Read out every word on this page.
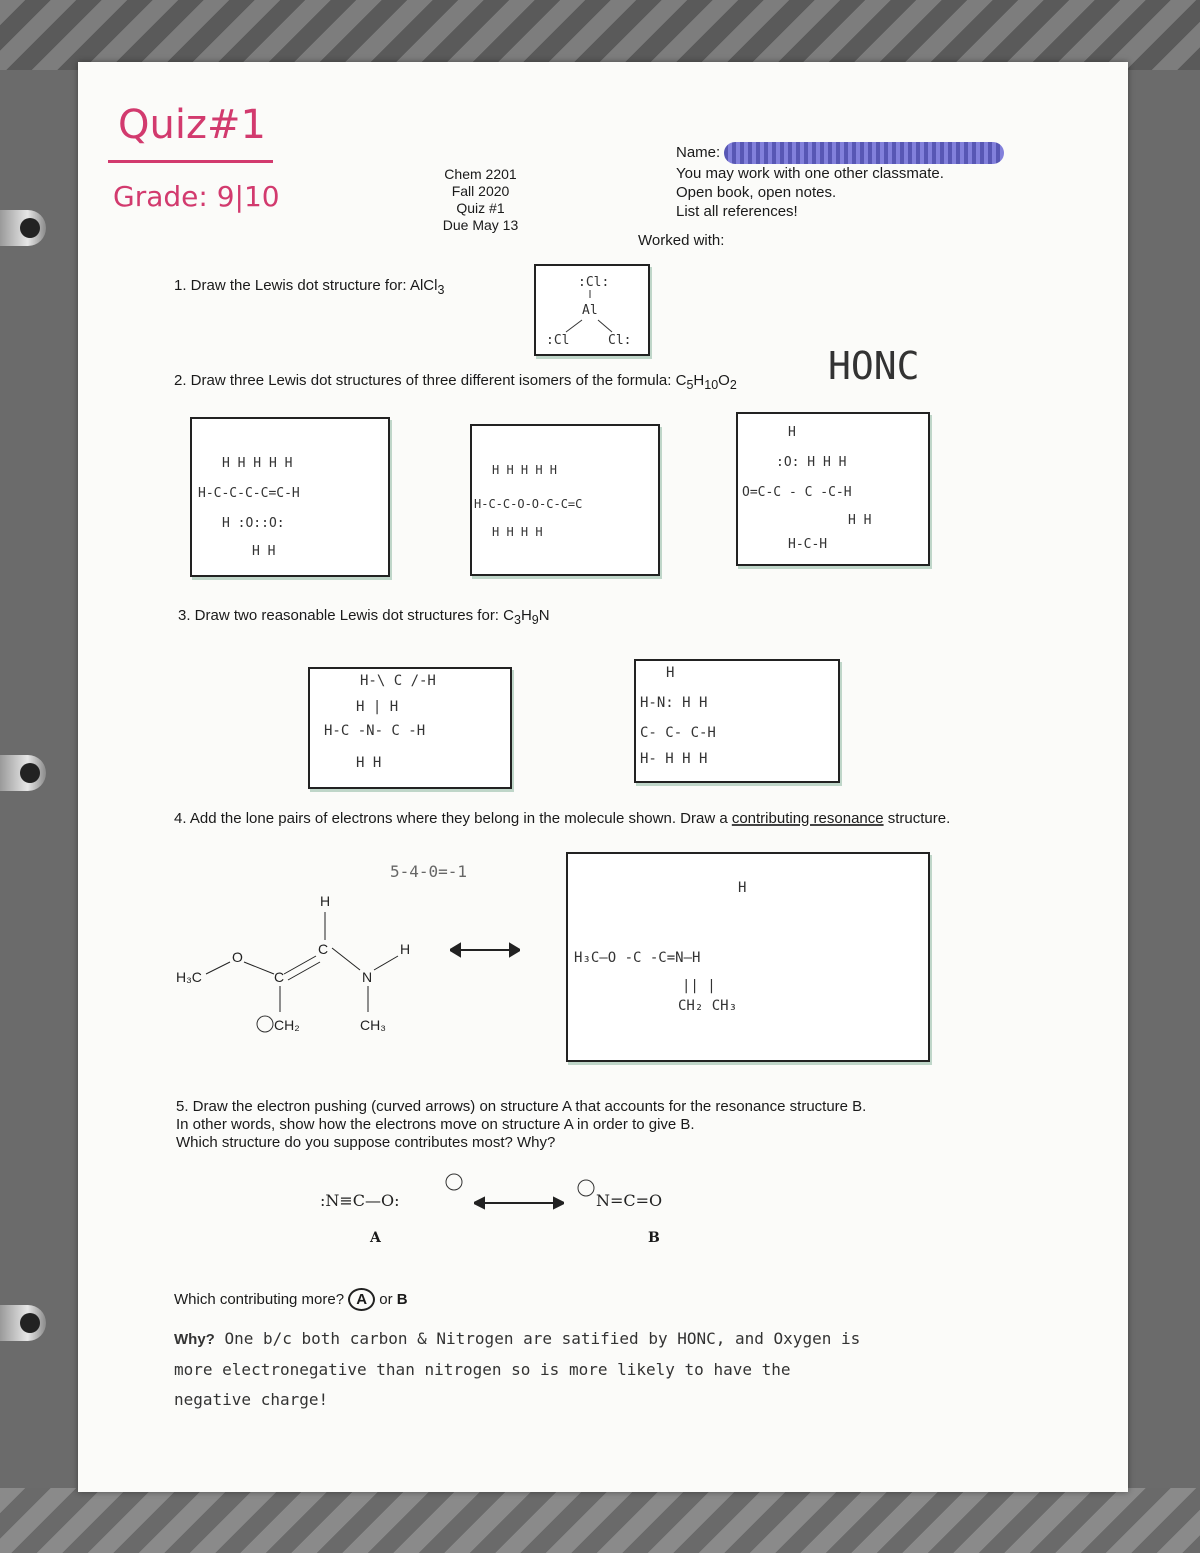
Quiz#1
Grade: 9|10
Chem 2201
Fall 2020
Quiz #1
Due May 13
Name:
You may work with one other classmate.
Open book, open notes.
List all references!
Worked with:
1. Draw the Lewis dot structure for: AlCl$_3$	:Cl:
Al
:Cl	Cl:
2. Draw three Lewis dot structures of three different isomers of the formula: $C_5H_{10}O_2$ HONC
H H H H H
H-C-C-C-C=C-H
H :O::O:
H H
H H H H H
H-C-C-O-O-C-C=C
H H H H
H
:O: H H H
O=C-C - C -C-H
H H
H-C-H
3. Draw two reasonable Lewis dot structures for: $C_3H_9N$
H-\ C /-H
H | H
H-C -N- C -H
H H
H
H-N: H H
C- C- C-H
H- H H H
4. Add the lone pairs of electrons where they belong in the molecule shown. Draw a contributing resonance structure.
5-4-0=-1
H₃C
O
C
C
H
N
H
CH₃
CH₂
H
H₃C—O -C -C=N—H
|| |
CH₂ CH₃
5. Draw the electron pushing (curved arrows) on structure A that accounts for the resonance structure B.
In other words, show how the electrons move on structure A in order to give B.
Which structure do you suppose contributes most? Why?
:N≡C—O:
A
N=C=O
B
Which contributing more? A or B
Why? One b/c both carbon & Nitrogen are satified by HONC, and Oxygen is
more electronegative than nitrogen so is more likely to have the
negative charge!
